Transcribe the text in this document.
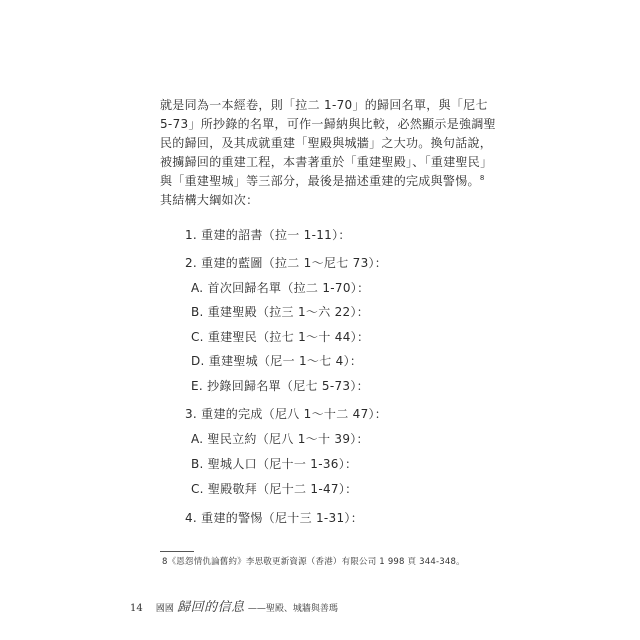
就是同為一本經卷，則「拉二 1-70」的歸回名單，與「尼七
5-73」所抄錄的名單，可作一歸納與比較，必然顯示是強調聖
民的歸回，及其成就重建「聖殿與城牆」之大功。換句話說，
被擄歸回的重建工程，本書著重於「重建聖殿」、「重建聖民」
與「重建聖城」等三部分，最後是描述重建的完成與警惕。$^8$
其結構大綱如次：
1. 重建的詔書（拉一 1-11）：
2. 重建的藍圖（拉二 1～尼七 73）：
A. 首次回歸名單（拉二 1-70）：
B. 重建聖殿（拉三 1～六 22）：
C. 重建聖民（拉七 1～十 44）：
D. 重建聖城（尼一 1～七 4）：
E. 抄錄回歸名單（尼七 5-73）：
3. 重建的完成（尼八 1～十二 47）：
A. 聖民立約（尼八 1～十 39）：
B. 聖城人口（尼十一 1-36）：
C. 聖殿敬拜（尼十二 1-47）：
4. 重建的警惕（尼十三 1-31）：
8《恩怨情仇論舊約》李思敬更新資源（香港）有限公司 1 998 頁 344-348。
14 國國 歸回的信息 ——聖殿、城牆與善瑪
